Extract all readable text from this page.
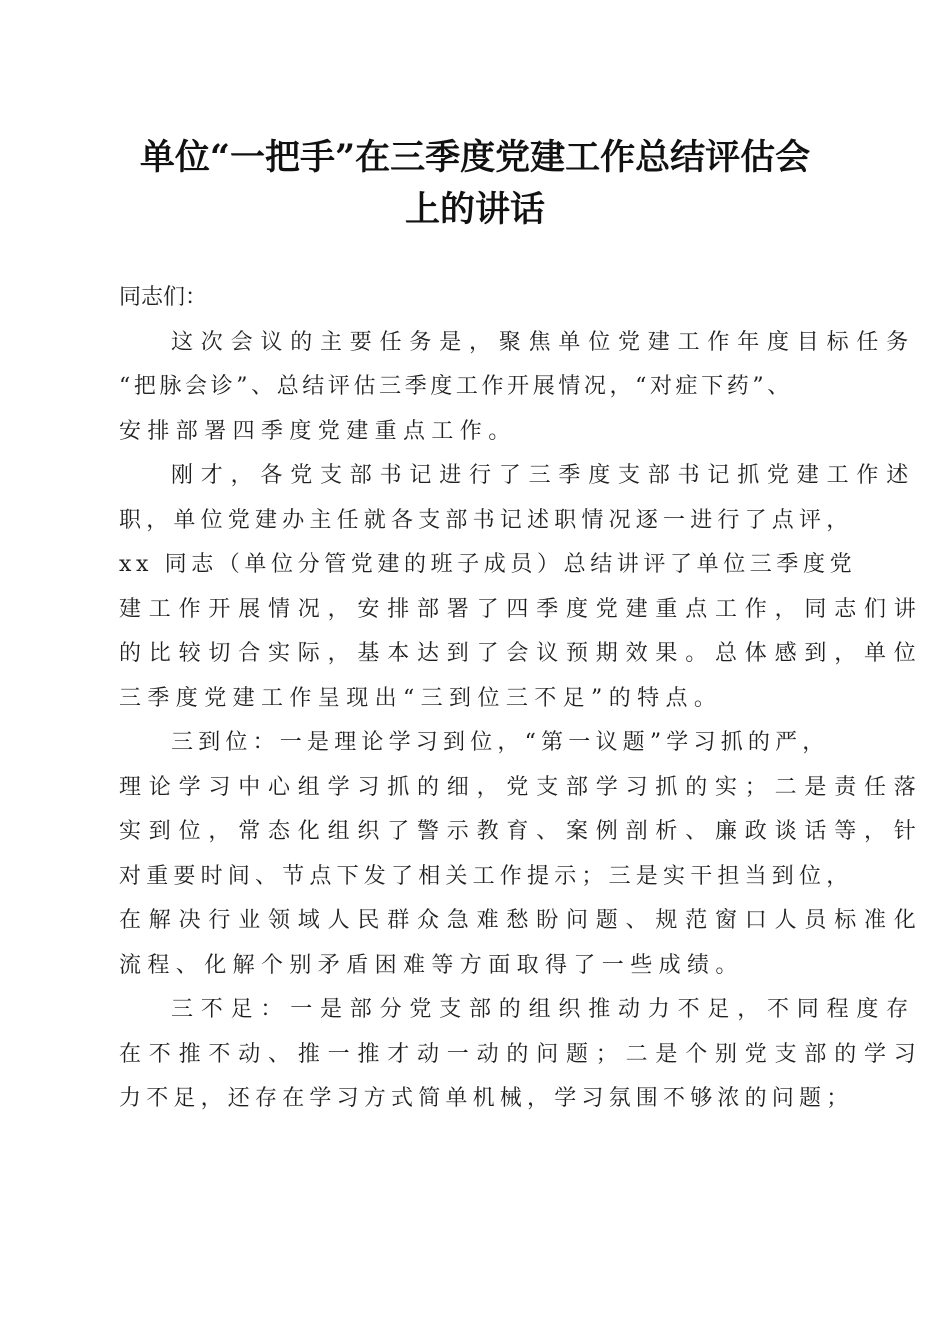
单位“一把手”在三季度党建工作总结评估会
上的讲话
同志们：
这次会议的主要任务是，聚焦单位党建工作年度目标任务
“把脉会诊”、总结评估三季度工作开展情况，“对症下药”、
安排部署四季度党建重点工作。
刚才，各党支部书记进行了三季度支部书记抓党建工作述
职，单位党建办主任就各支部书记述职情况逐一进行了点评，
xx 同志（单位分管党建的班子成员）总结讲评了单位三季度党
建工作开展情况，安排部署了四季度党建重点工作，同志们讲
的比较切合实际，基本达到了会议预期效果。总体感到，单位
三季度党建工作呈现出“三到位三不足”的特点。
三到位：一是理论学习到位，“第一议题”学习抓的严，
理论学习中心组学习抓的细，党支部学习抓的实；二是责任落
实到位，常态化组织了警示教育、案例剖析、廉政谈话等，针
对重要时间、节点下发了相关工作提示；三是实干担当到位，
在解决行业领域人民群众急难愁盼问题、规范窗口人员标准化
流程、化解个别矛盾困难等方面取得了一些成绩。
三不足：一是部分党支部的组织推动力不足，不同程度存
在不推不动、推一推才动一动的问题；二是个别党支部的学习
力不足，还存在学习方式简单机械，学习氛围不够浓的问题；
